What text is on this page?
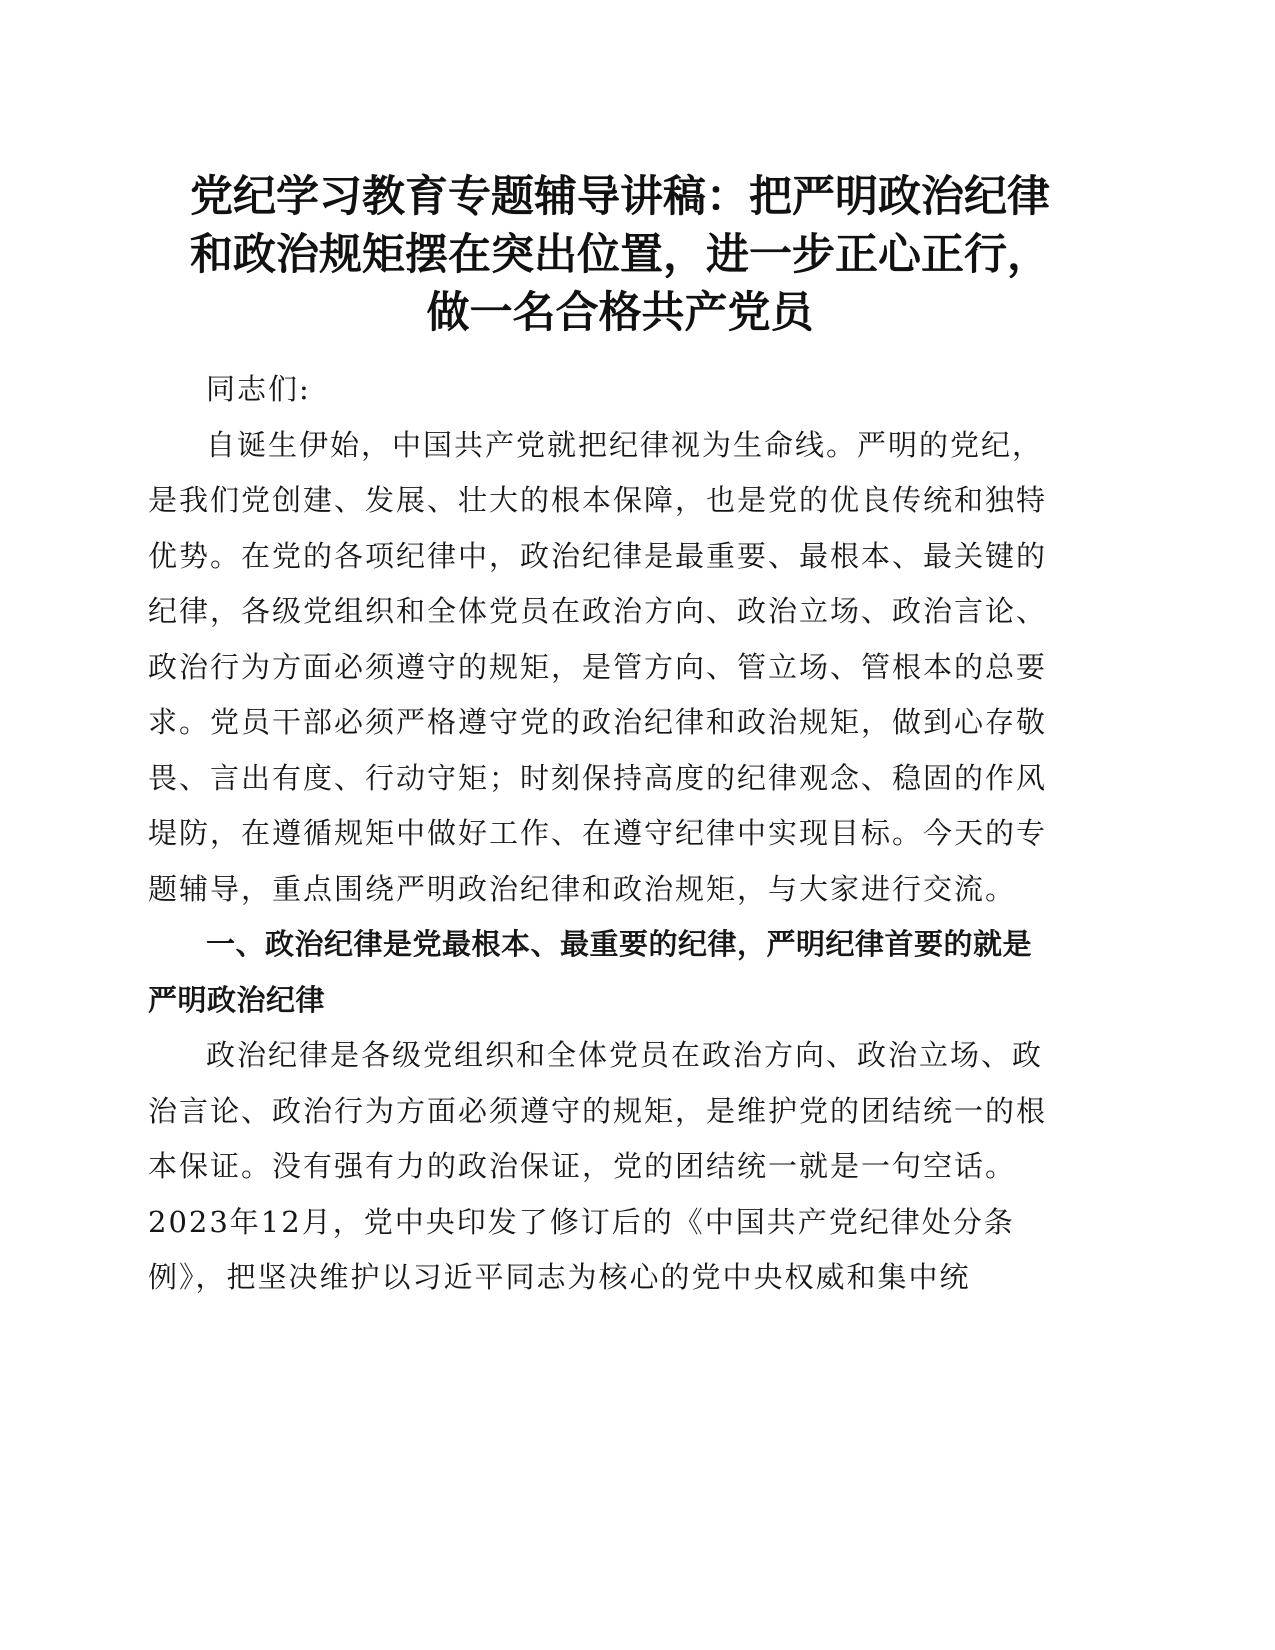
党纪学习教育专题辅导讲稿：把严明政治纪律
和政治规矩摆在突出位置，进一步正心正行，
做一名合格共产党员

同志们:

自诞生伊始，中国共产党就把纪律视为生命线。严明的党纪，是我们党创建、发展、壮大的根本保障，也是党的优良传统和独特优势。在党的各项纪律中，政治纪律是最重要、最根本、最关键的纪律，各级党组织和全体党员在政治方向、政治立场、政治言论、政治行为方面必须遵守的规矩，是管方向、管立场、管根本的总要求。党员干部必须严格遵守党的政治纪律和政治规矩，做到心存敬畏、言出有度、行动守矩；时刻保持高度的纪律观念、稳固的作风堤防，在遵循规矩中做好工作、在遵守纪律中实现目标。今天的专题辅导，重点围绕严明政治纪律和政治规矩，与大家进行交流。

一、政治纪律是党最根本、最重要的纪律，严明纪律首要的就是严明政治纪律

政治纪律是各级党组织和全体党员在政治方向、政治立场、政治言论、政治行为方面必须遵守的规矩，是维护党的团结统一的根本保证。没有强有力的政治保证，党的团结统一就是一句空话。2023年12月，党中央印发了修订后的《中国共产党纪律处分条例》，把坚决维护以习近平同志为核心的党中央权威和集中统
